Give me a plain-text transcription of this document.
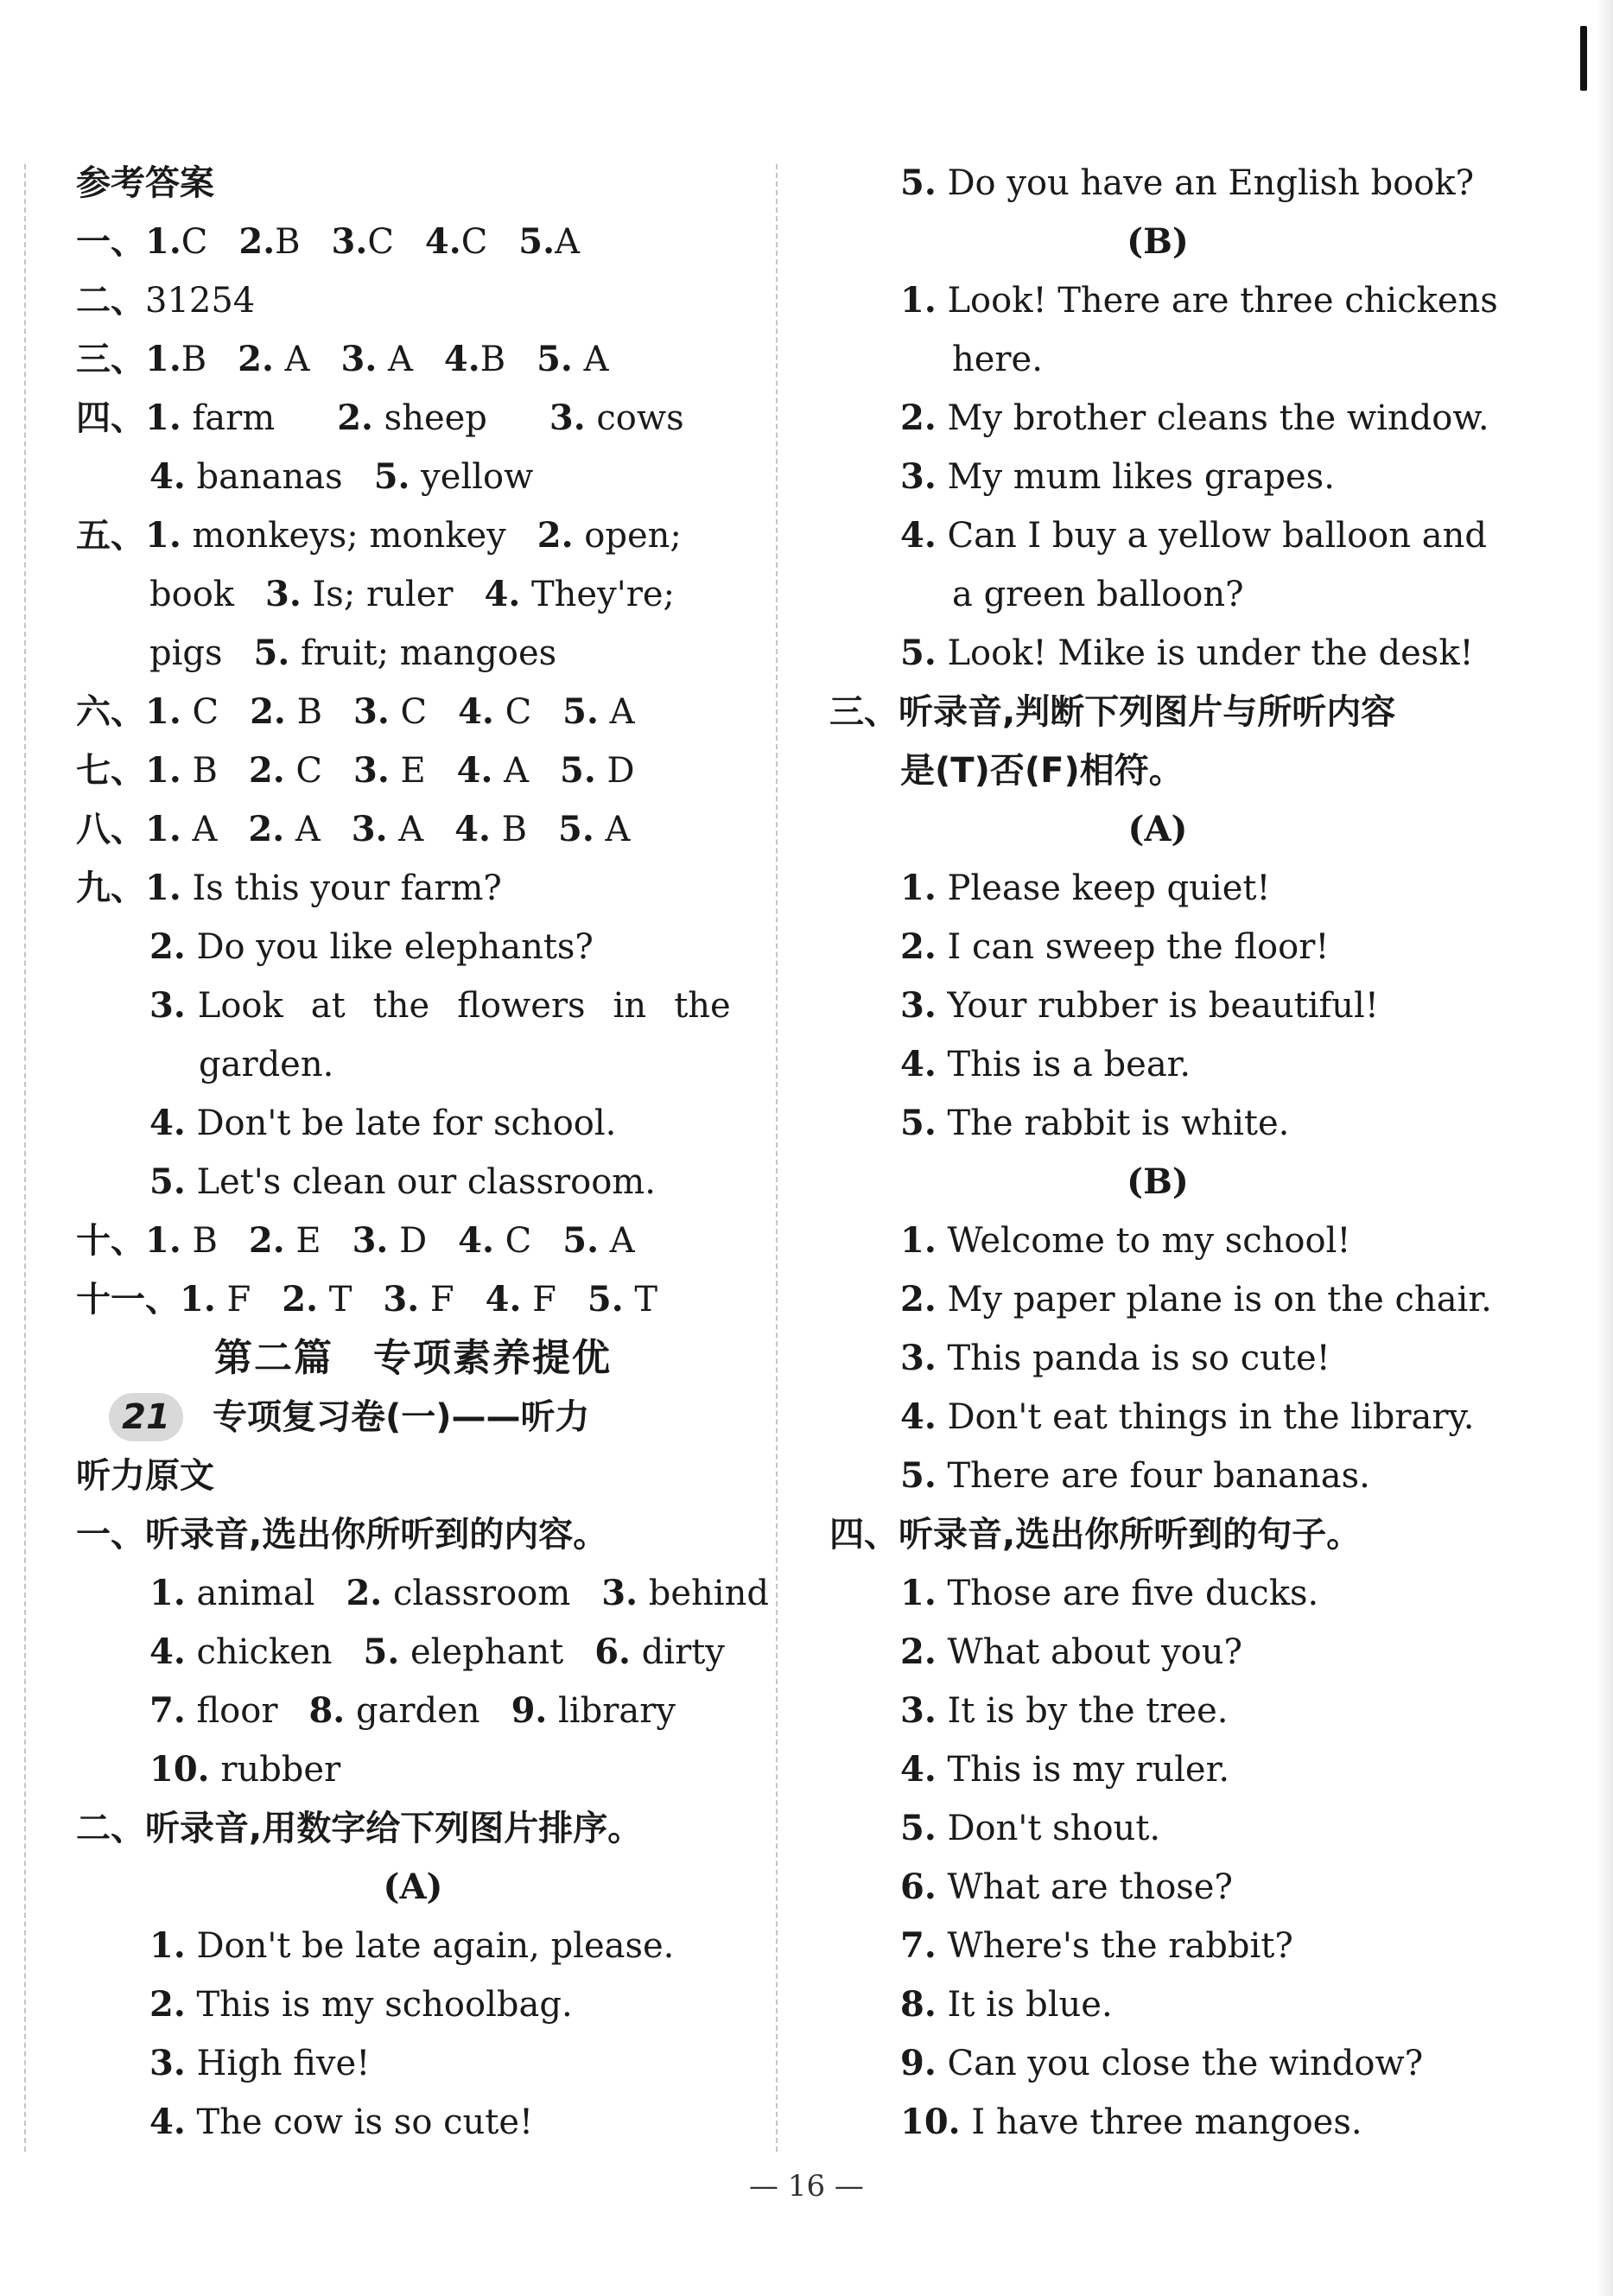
参考答案
一、1.C 2.B 3.C 4.C 5.A
二、31254
三、1.B 2. A 3. A 4.B 5. A
四、1. farm 2. sheep 3. cows
4. bananas 5. yellow
五、1. monkeys; monkey 2. open;
book 3. Is; ruler 4. They're;
pigs 5. fruit; mangoes
六、1. C 2. B 3. C 4. C 5. A
七、1. B 2. C 3. E 4. A 5. D
八、1. A 2. A 3. A 4. B 5. A
九、1. Is this your farm?
2. Do you like elephants?
3. Look at the flowers in the
garden.
4. Don't be late for school.
5. Let's clean our classroom.
十、1. B 2. E 3. D 4. C 5. A
十一、1. F 2. T 3. F 4. F 5. T
第二篇　专项素养提优
21	专项复习卷(一)——听力
听力原文
一、听录音,选出你所听到的内容。
1. animal 2. classroom 3. behind
4. chicken 5. elephant 6. dirty
7. floor 8. garden 9. library
10. rubber
二、听录音,用数字给下列图片排序。
(A)
1. Don't be late again, please.
2. This is my schoolbag.
3. High five!
4. The cow is so cute!
5. Do you have an English book?
(B)
1. Look! There are three chickens
here.
2. My brother cleans the window.
3. My mum likes grapes.
4. Can I buy a yellow balloon and
a green balloon?
5. Look! Mike is under the desk!
三、听录音,判断下列图片与所听内容
是(T)否(F)相符。
(A)
1. Please keep quiet!
2. I can sweep the floor!
3. Your rubber is beautiful!
4. This is a bear.
5. The rabbit is white.
(B)
1. Welcome to my school!
2. My paper plane is on the chair.
3. This panda is so cute!
4. Don't eat things in the library.
5. There are four bananas.
四、听录音,选出你所听到的句子。
1. Those are five ducks.
2. What about you?
3. It is by the tree.
4. This is my ruler.
5. Don't shout.
6. What are those?
7. Where's the rabbit?
8. It is blue.
9. Can you close the window?
10. I have three mangoes.
— 16 —
